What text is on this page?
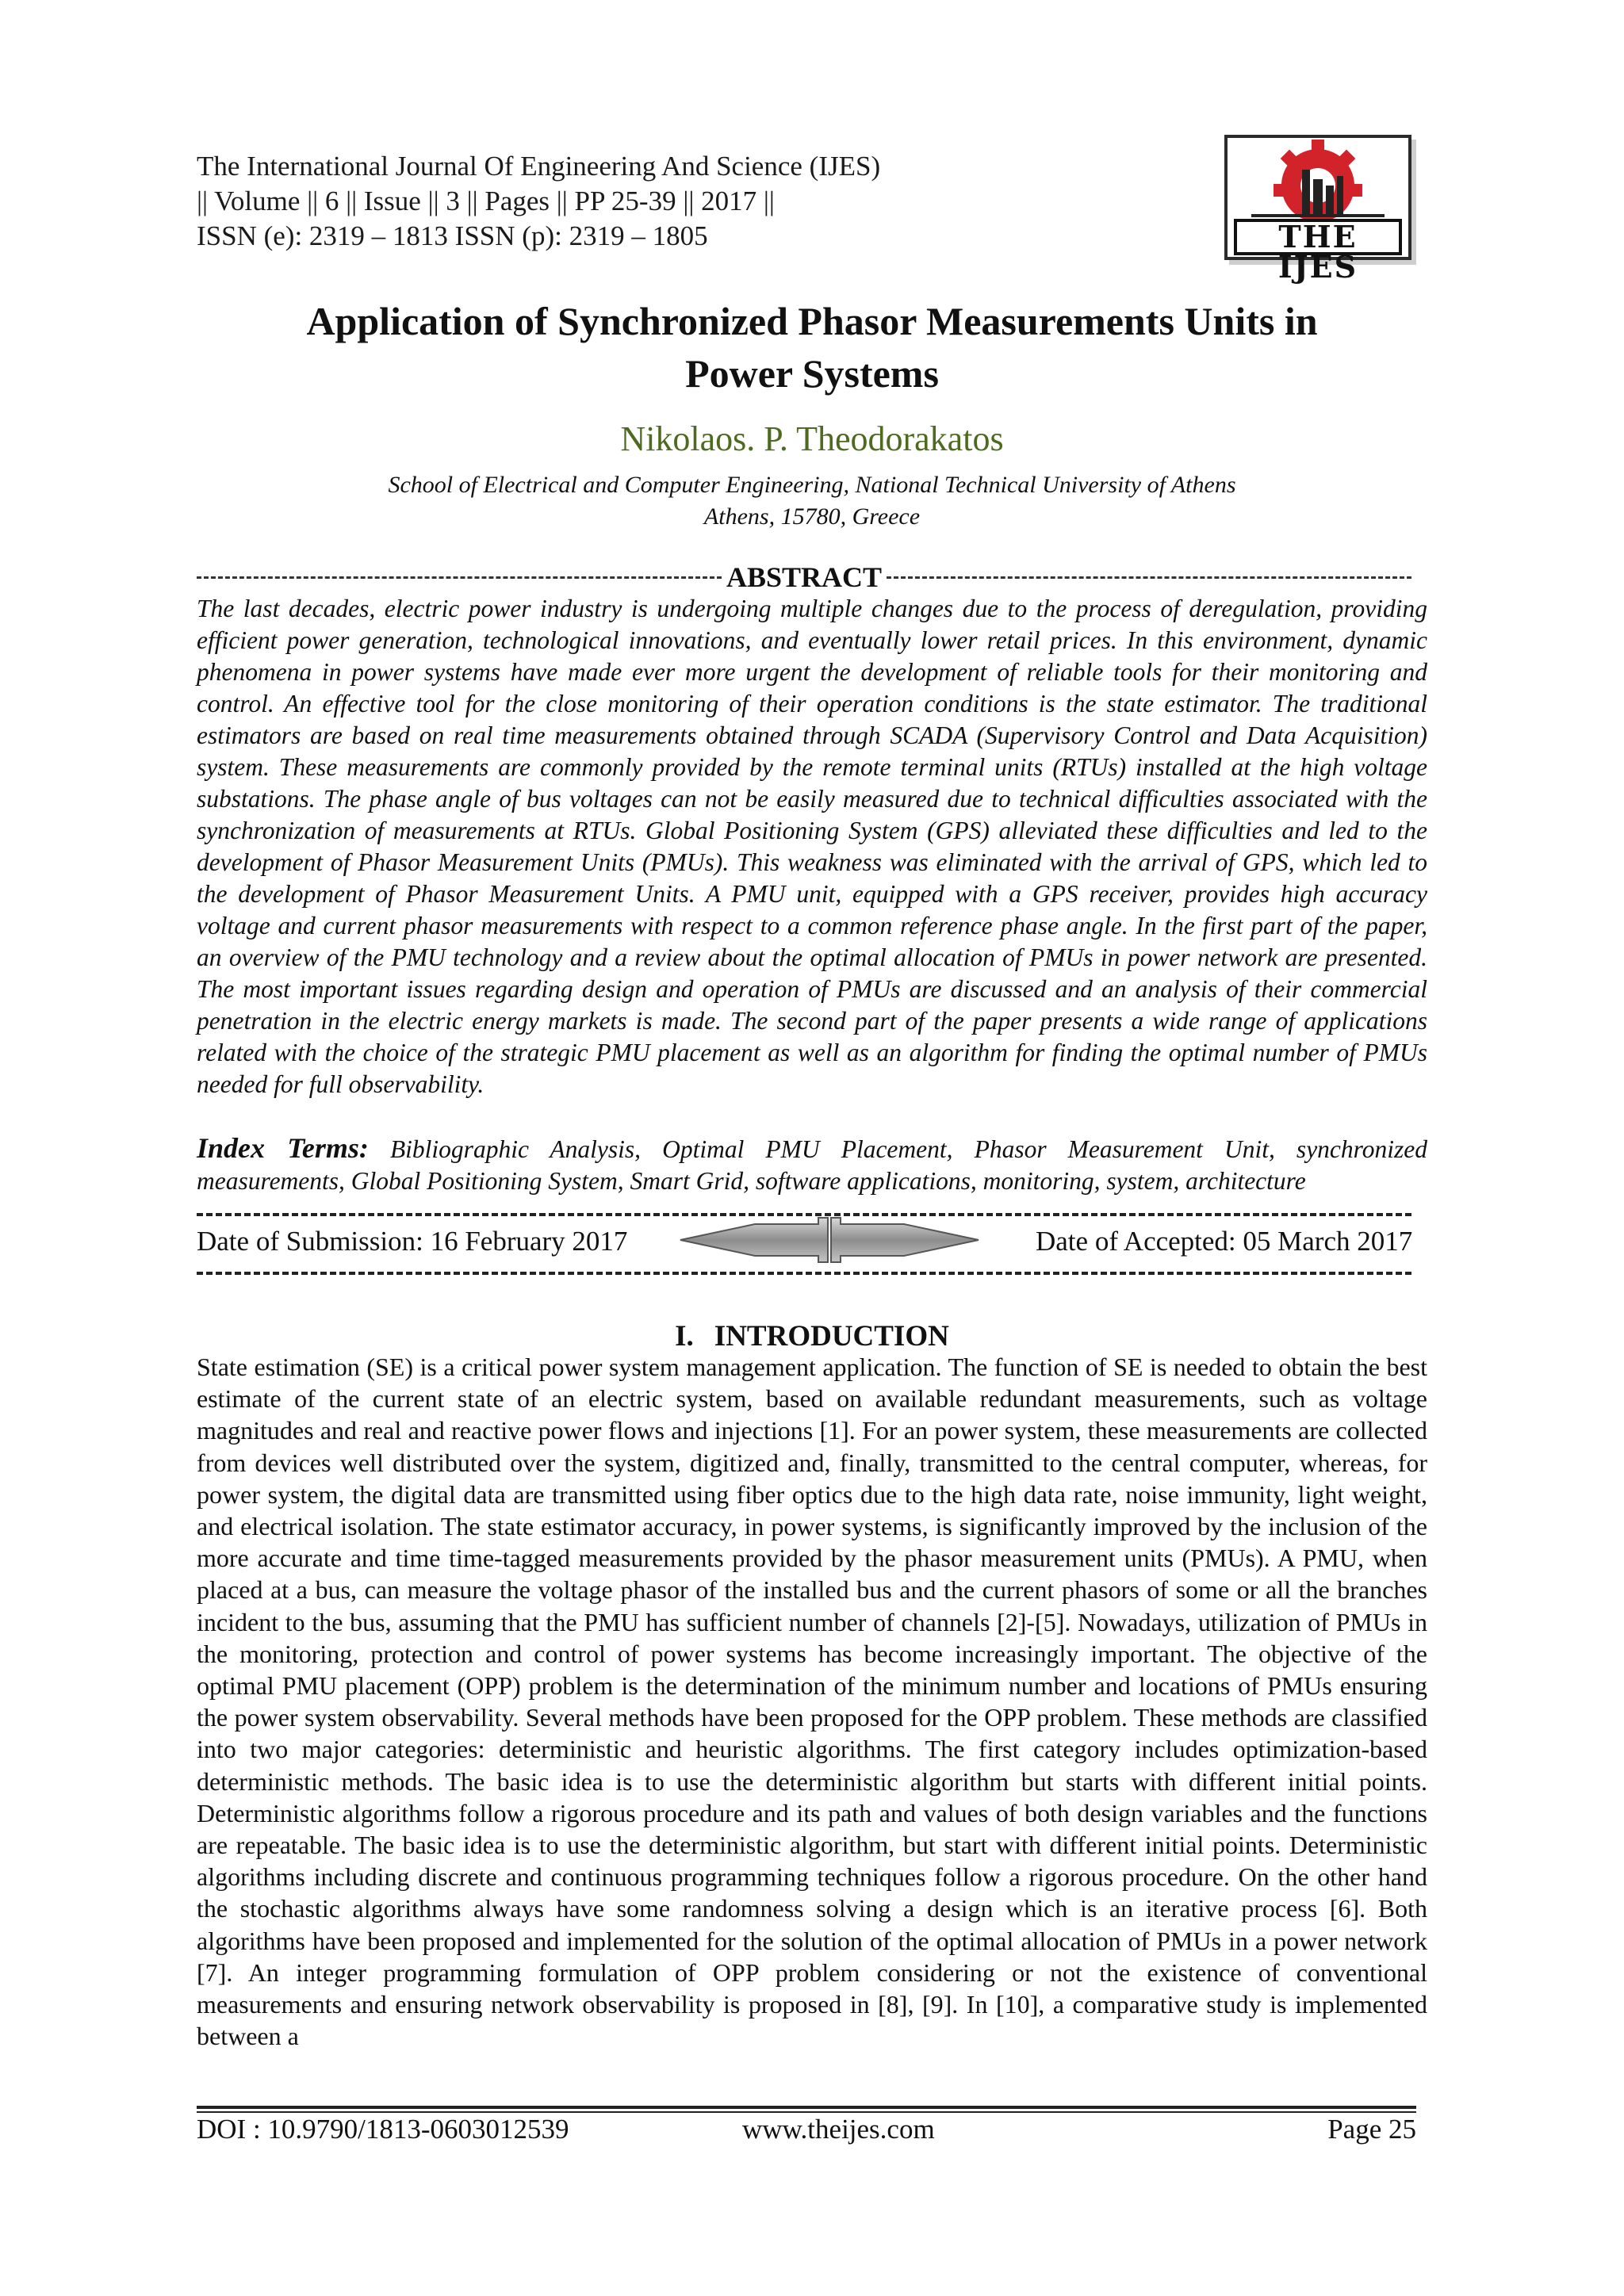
The International Journal Of Engineering And Science (IJES)
|| Volume || 6 || Issue || 3 || Pages || PP 25-39 || 2017 ||
ISSN (e): 2319 – 1813 ISSN (p): 2319 – 1805	THE IJES
Application of Synchronized Phasor Measurements Units in
Power Systems
Nikolaos. P. Theodorakatos
School of Electrical and Computer Engineering, National Technical University of Athens
Athens, 15780, Greece
ABSTRACT
The last decades, electric power industry is undergoing multiple changes due to the process of deregulation, providing efficient power generation, technological innovations, and eventually lower retail prices. In this environment, dynamic phenomena in power systems have made ever more urgent the development of reliable tools for their monitoring and control. An effective tool for the close monitoring of their operation conditions is the state estimator. The traditional estimators are based on real time measurements obtained through SCADA (Supervisory Control and Data Acquisition) system. These measurements are commonly provided by the remote terminal units (RTUs) installed at the high voltage substations. The phase angle of bus voltages can not be easily measured due to technical difficulties associated with the synchronization of measurements at RTUs. Global Positioning System (GPS) alleviated these difficulties and led to the development of Phasor Measurement Units (PMUs). This weakness was eliminated with the arrival of GPS, which led to the development of Phasor Measurement Units. A PMU unit, equipped with a GPS receiver, provides high accuracy voltage and current phasor measurements with respect to a common reference phase angle. In the first part of the paper, an overview of the PMU technology and a review about the optimal allocation of PMUs in power network are presented. The most important issues regarding design and operation of PMUs are discussed and an analysis of their commercial penetration in the electric energy markets is made. The second part of the paper presents a wide range of applications related with the choice of the strategic PMU placement as well as an algorithm for finding the optimal number of PMUs needed for full observability.
Index Terms: Bibliographic Analysis, Optimal PMU Placement, Phasor Measurement Unit, synchronized measurements, Global Positioning System, Smart Grid, software applications, monitoring, system, architecture
Date of Submission: 16 February 2017	Date of Accepted: 05 March 2017
I. INTRODUCTION
State estimation (SE) is a critical power system management application. The function of SE is needed to obtain the best estimate of the current state of an electric system, based on available redundant measurements, such as voltage magnitudes and real and reactive power flows and injections [1]. For an power system, these measurements are collected from devices well distributed over the system, digitized and, finally, transmitted to the central computer, whereas, for power system, the digital data are transmitted using fiber optics due to the high data rate, noise immunity, light weight, and electrical isolation. The state estimator accuracy, in power systems, is significantly improved by the inclusion of the more accurate and time time-tagged measurements provided by the phasor measurement units (PMUs). A PMU, when placed at a bus, can measure the voltage phasor of the installed bus and the current phasors of some or all the branches incident to the bus, assuming that the PMU has sufficient number of channels [2]-[5]. Nowadays, utilization of PMUs in the monitoring, protection and control of power systems has become increasingly important. The objective of the optimal PMU placement (OPP) problem is the determination of the minimum number and locations of PMUs ensuring the power system observability. Several methods have been proposed for the OPP problem. These methods are classified into two major categories: deterministic and heuristic algorithms. The first category includes optimization-based deterministic methods. The basic idea is to use the deterministic algorithm but starts with different initial points. Deterministic algorithms follow a rigorous procedure and its path and values of both design variables and the functions are repeatable. The basic idea is to use the deterministic algorithm, but start with different initial points. Deterministic algorithms including discrete and continuous programming techniques follow a rigorous procedure. On the other hand the stochastic algorithms always have some randomness solving a design which is an iterative process [6]. Both algorithms have been proposed and implemented for the solution of the optimal allocation of PMUs in a power network [7]. An integer programming formulation of OPP problem considering or not the existence of conventional measurements and ensuring network observability is proposed in [8], [9]. In [10], a comparative study is implemented between a
DOI : 10.9790/1813-0603012539	www.theijes.com	Page 25
